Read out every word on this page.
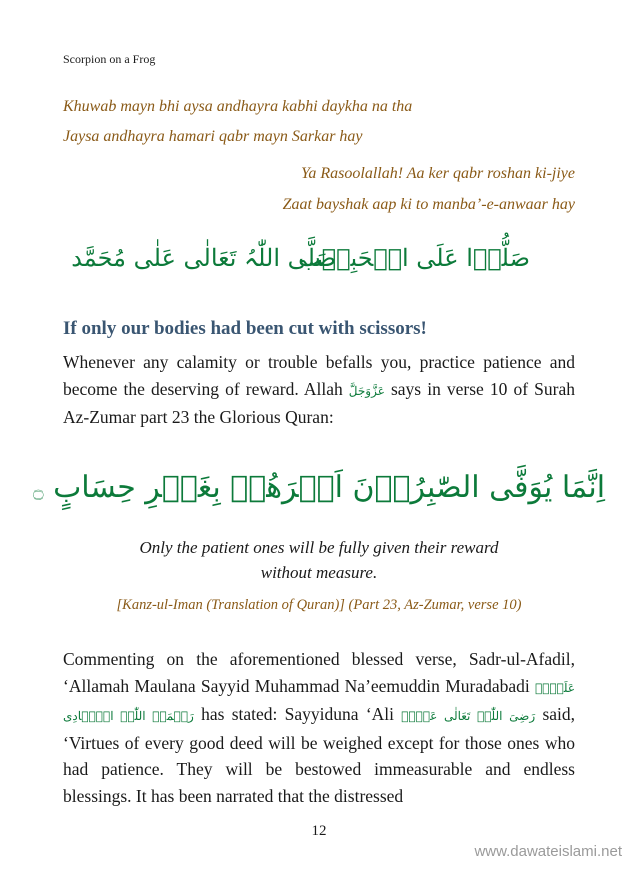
Scorpion on a Frog
Khuwab mayn bhi aysa andhayra kabhi daykha na tha
Jaysa andhayra hamari qabr mayn Sarkar hay
Ya Rasoolallah! Aa ker qabr roshan ki-jiye
Zaat bayshak aap ki to manba’-e-anwaar hay
صَلُّوۡا عَلَی الۡحَبِیۡب
صَلَّی اللّٰہُ تَعَالٰی عَلٰی مُحَمَّد
If only our bodies had been cut with scissors!
Whenever any calamity or trouble befalls you, practice patience and become the deserving of reward. Allah عَزَّوَجَلَّ says in verse 10 of Surah Az-Zumar part 23 the Glorious Quran:
اِنَّمَا یُوَفَّی الصّٰبِرُوۡنَ اَجۡرَهُمۡ بِغَیۡرِ حِسَابٍ ۝
Only the patient ones will be fully given their reward
without measure.
[Kanz-ul-Iman (Translation of Quran)] (Part 23, Az-Zumar, verse 10)
Commenting on the aforementioned blessed verse, Sadr-ul-Afadil, ‘Allamah Maulana Sayyid Muhammad Na’eemuddin Muradabadi عَلَیۡہِ رَحۡمَۃُ اللّٰہِ الۡہَادِی has stated: Sayyiduna ‘Ali رَضِیَ اللّٰہُ تَعَالٰی عَنۡہُ said, ‘Virtues of every good deed will be weighed except for those ones who had patience. They will be bestowed immeasurable and endless blessings. It has been narrated that the distressed
12
www.dawateislami.net
